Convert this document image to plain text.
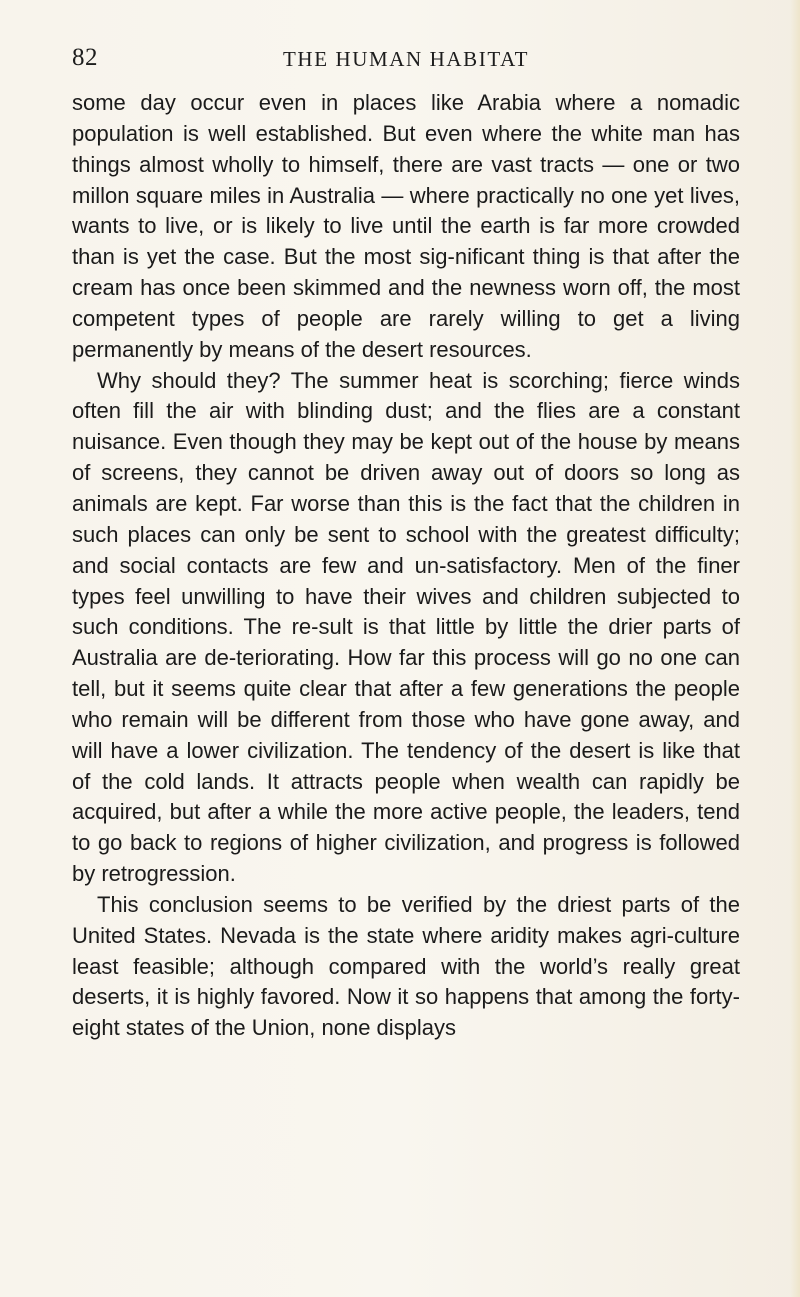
82	THE HUMAN HABITAT

some day occur even in places like Arabia where a nomadic population is well established. But even where the white man has things almost wholly to himself, there are vast tracts — one or two millon square miles in Australia — where practically no one yet lives, wants to live, or is likely to live until the earth is far more crowded than is yet the case. But the most sig-nificant thing is that after the cream has once been skimmed and the newness worn off, the most competent types of people are rarely willing to get a living permanently by means of the desert resources.

Why should they? The summer heat is scorching; fierce winds often fill the air with blinding dust; and the flies are a constant nuisance. Even though they may be kept out of the house by means of screens, they cannot be driven away out of doors so long as animals are kept. Far worse than this is the fact that the children in such places can only be sent to school with the greatest difficulty; and social contacts are few and un-satisfactory. Men of the finer types feel unwilling to have their wives and children subjected to such conditions. The re-sult is that little by little the drier parts of Australia are de-teriorating. How far this process will go no one can tell, but it seems quite clear that after a few generations the people who remain will be different from those who have gone away, and will have a lower civilization. The tendency of the desert is like that of the cold lands. It attracts people when wealth can rapidly be acquired, but after a while the more active people, the leaders, tend to go back to regions of higher civilization, and progress is followed by retrogression.

This conclusion seems to be verified by the driest parts of the United States. Nevada is the state where aridity makes agri-culture least feasible; although compared with the world’s really great deserts, it is highly favored. Now it so happens that among the forty-eight states of the Union, none displays
